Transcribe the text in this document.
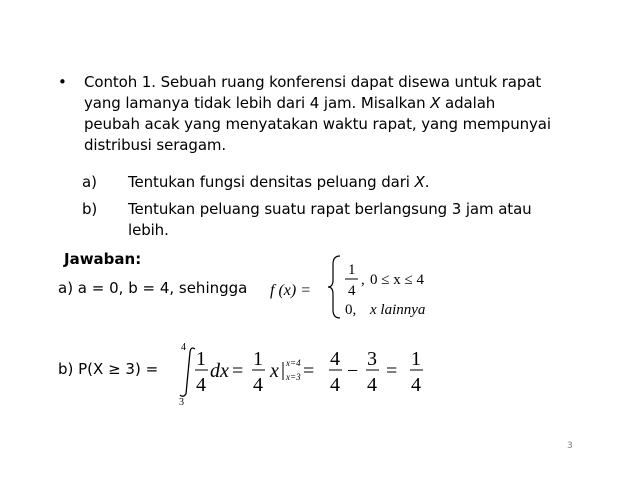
• Contoh 1. Sebuah ruang konferensi dapat disewa untuk rapat
yang lamanya tidak lebih dari 4 jam. Misalkan X adalah
peubah acak yang menyatakan waktu rapat, yang mempunyai
distribusi seragam.
a) Tentukan fungsi densitas peluang dari X.
b) Tentukan peluang suatu rapat berlangsung 3 jam atau
lebih.
Jawaban:
a) a = 0, b = 4, sehingga f (x) =
1
4
, 0 ≤ x ≤ 4
0, x lainnya
b) P(X ≥ 3) =
4
3
1
4
dx =
1
4
x x=4
x=3 =
4
4
−
3
4
=
1
4
3
